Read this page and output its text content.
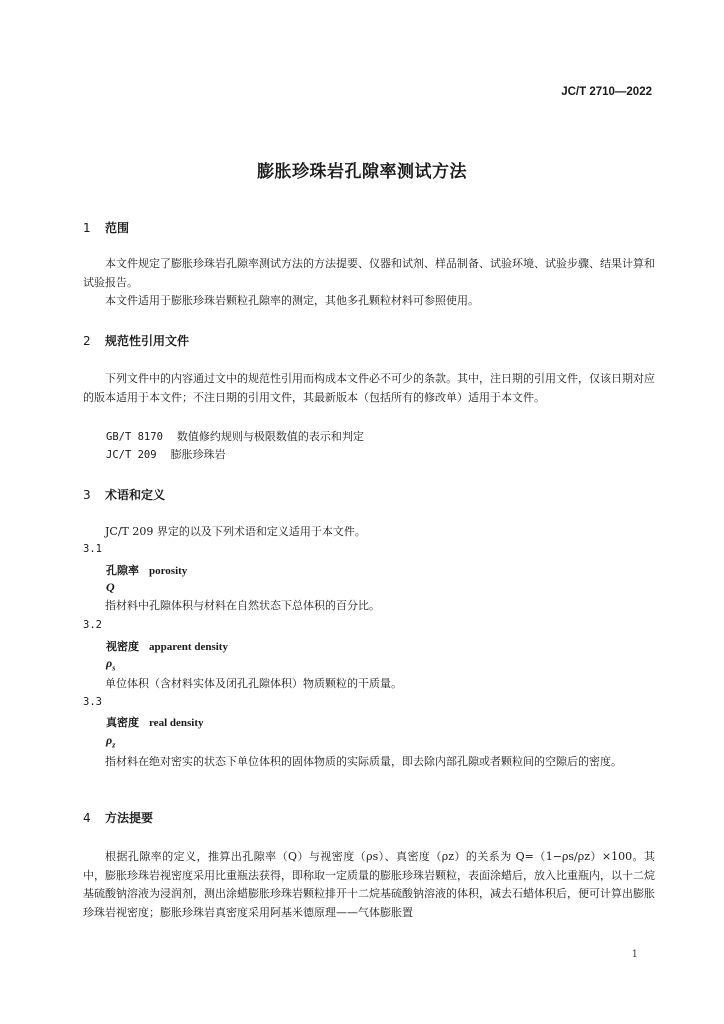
JC/T 2710—2022
膨胀珍珠岩孔隙率测试方法
1 范围
本文件规定了膨胀珍珠岩孔隙率测试方法的方法提要、仪器和试剂、样品制备、试验环境、试验步骤、结果计算和试验报告。
本文件适用于膨胀珍珠岩颗粒孔隙率的测定，其他多孔颗粒材料可参照使用。
2 规范性引用文件
下列文件中的内容通过文中的规范性引用而构成本文件必不可少的条款。其中，注日期的引用文件，仅该日期对应的版本适用于本文件；不注日期的引用文件，其最新版本（包括所有的修改单）适用于本文件。
GB/T 8170 数值修约规则与极限数值的表示和判定
JC/T 209 膨胀珍珠岩
3 术语和定义
JC/T 209 界定的以及下列术语和定义适用于本文件。
3.1
孔隙率 porosity
Q
指材料中孔隙体积与材料在自然状态下总体积的百分比。
3.2
视密度 apparent density
$\rho_s$
单位体积（含材料实体及闭孔孔隙体积）物质颗粒的干质量。
3.3
真密度 real density
$\rho_z$
指材料在绝对密实的状态下单位体积的固体物质的实际质量，即去除内部孔隙或者颗粒间的空隙后的密度。
4 方法提要
根据孔隙率的定义，推算出孔隙率（Q）与视密度（ρs）、真密度（ρz）的关系为 Q=（1−ρs/ρz）×100。其中，膨胀珍珠岩视密度采用比重瓶法获得，即称取一定质量的膨胀珍珠岩颗粒，表面涂蜡后，放入比重瓶内，以十二烷基硫酸钠溶液为浸润剂，测出涂蜡膨胀珍珠岩颗粒排开十二烷基硫酸钠溶液的体积，减去石蜡体积后，便可计算出膨胀珍珠岩视密度；膨胀珍珠岩真密度采用阿基米德原理——气体膨胀置
1
